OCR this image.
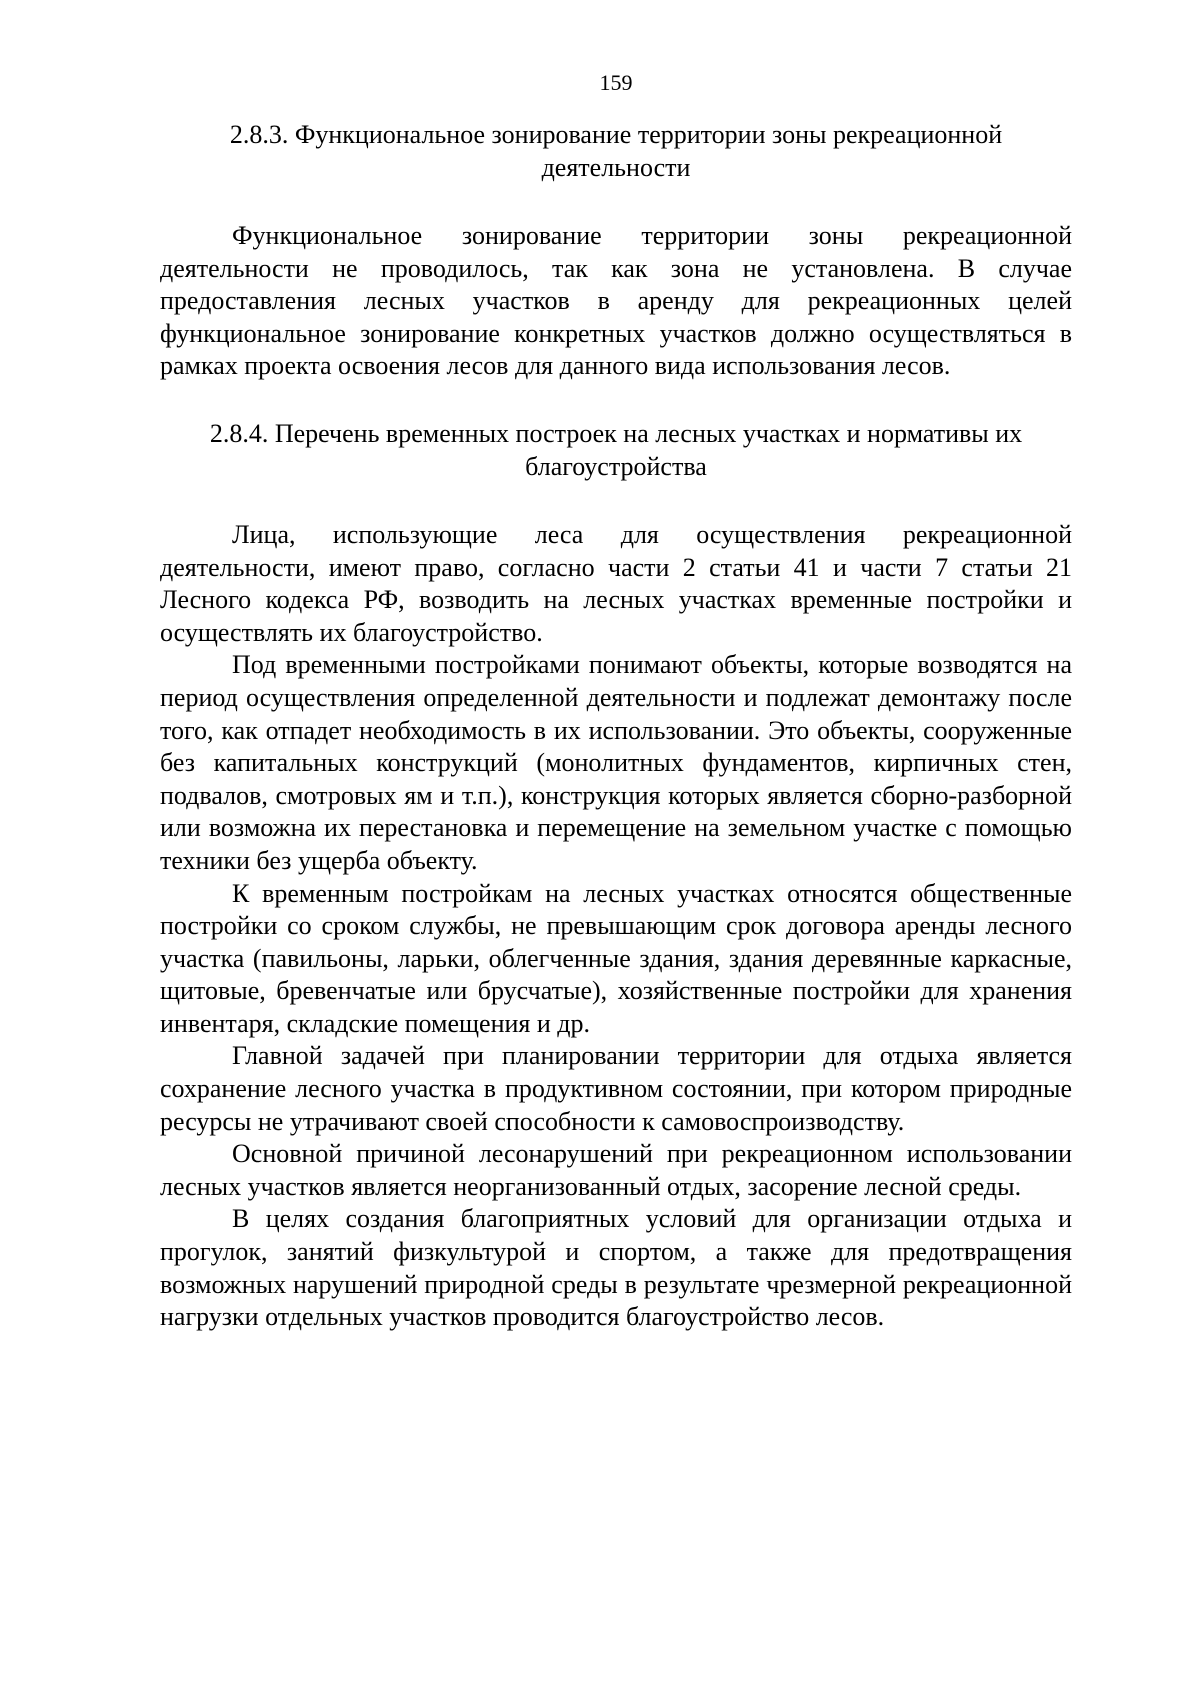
159
2.8.3. Функциональное зонирование территории зоны рекреационной
деятельности

Функциональное зонирование территории зоны рекреационной деятельности не проводилось, так как зона не установлена. В случае предоставления лесных участков в аренду для рекреационных целей функциональное зонирование конкретных участков должно осуществляться в рамках проекта освоения лесов для данного вида использования лесов.

2.8.4. Перечень временных построек на лесных участках и нормативы их
благоустройства

Лица, использующие леса для осуществления рекреационной деятельности, имеют право, согласно части 2 статьи 41 и части 7 статьи 21 Лесного кодекса РФ, возводить на лесных участках временные постройки и осуществлять их благоустройство.

Под временными постройками понимают объекты, которые возводятся на период осуществления определенной деятельности и подлежат демонтажу после того, как отпадет необходимость в их использовании. Это объекты, сооруженные без капитальных конструкций (монолитных фундаментов, кирпичных стен, подвалов, смотровых ям и т.п.), конструкция которых является сборно-разборной или возможна их перестановка и перемещение на земельном участке с помощью техники без ущерба объекту.

К временным постройкам на лесных участках относятся общественные постройки со сроком службы, не превышающим срок договора аренды лесного участка (павильоны, ларьки, облегченные здания, здания деревянные каркасные, щитовые, бревенчатые или брусчатые), хозяйственные постройки для хранения инвентаря, складские помещения и др.

Главной задачей при планировании территории для отдыха является сохранение лесного участка в продуктивном состоянии, при котором природные ресурсы не утрачивают своей способности к самовоспроизводству.

Основной причиной лесонарушений при рекреационном использовании лесных участков является неорганизованный отдых, засорение лесной среды.

В целях создания благоприятных условий для организации отдыха и прогулок, занятий физкультурой и спортом, а также для предотвращения возможных нарушений природной среды в результате чрезмерной рекреационной нагрузки отдельных участков проводится благоустройство лесов.
